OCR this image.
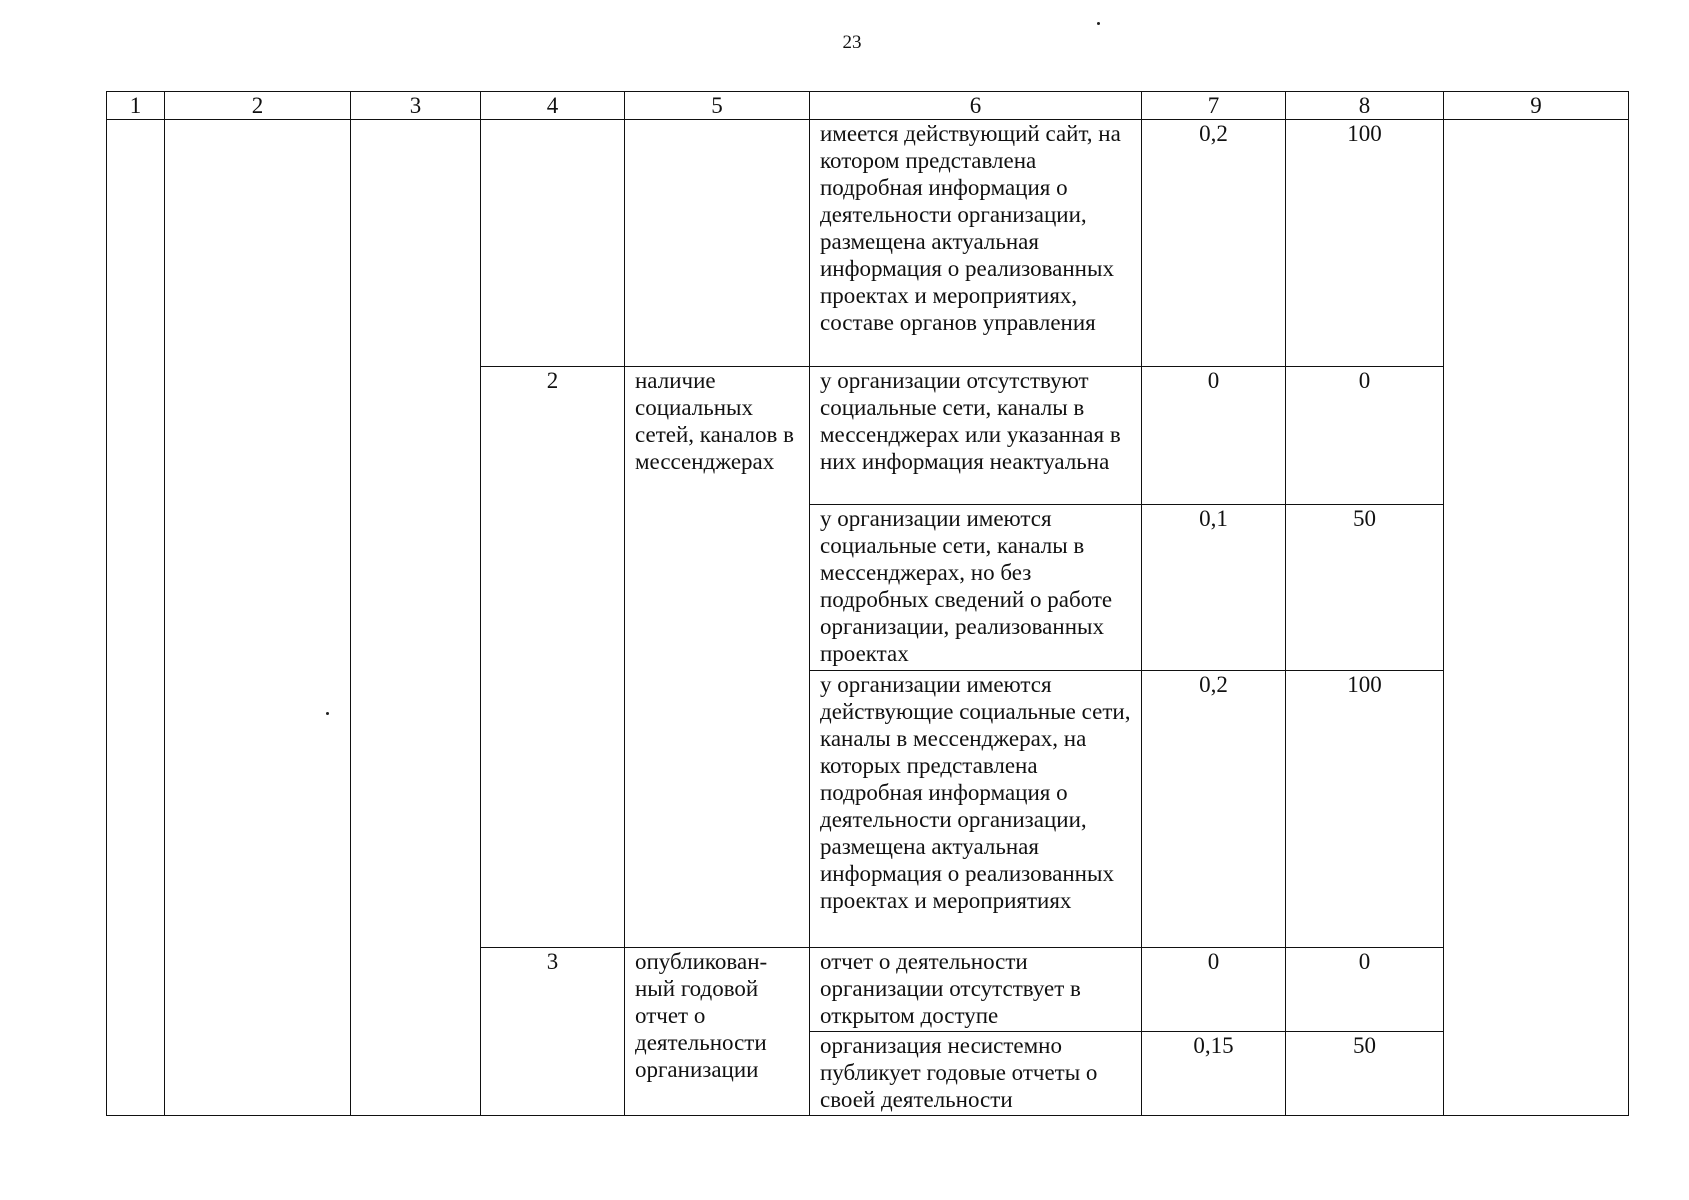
23
1	2	3	4	5	6	7	8	9
					имеется действующий сайт, на котором представлена подробная информация о деятельности организации, размещена актуальная информация о реализованных проектах и мероприятиях, составе органов управления	0,2	100	
			2	наличие социальных сетей, каналов в мессенджерах	у организации отсутствуют социальные сети, каналы в мессенджерах или указанная в них информация неактуальна	0	0	
					у организации имеются социальные сети, каналы в мессенджерах, но без подробных сведений о работе организации, реализованных проектах	0,1	50	
					у организации имеются действующие социальные сети, каналы в мессенджерах, на которых представлена подробная информация о деятельности организации, размещена актуальная информация о реализованных проектах и мероприятиях	0,2	100	
			3	опубликован-ный годовой отчет о деятельности организации	отчет о деятельности организации отсутствует в открытом доступе	0	0	
					организация несистемно публикует годовые отчеты о своей деятельности	0,15	50	
